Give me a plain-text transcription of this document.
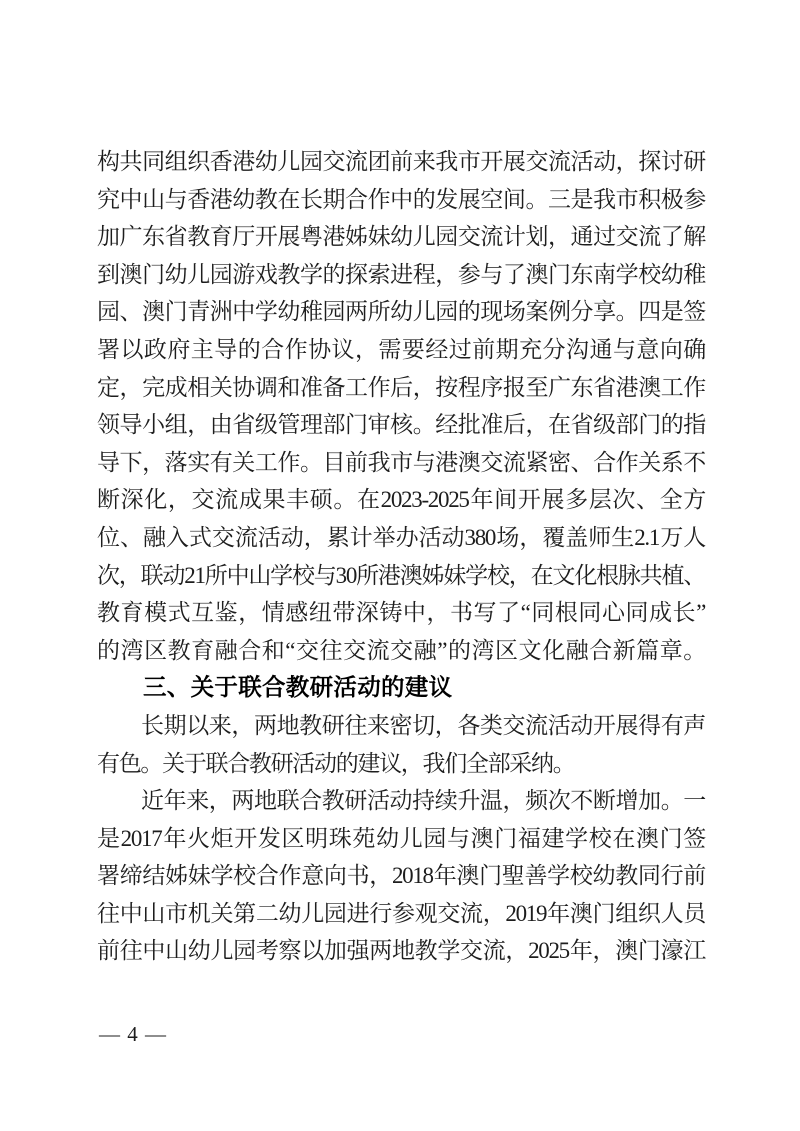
构共同组织香港幼儿园交流团前来我市开展交流活动，探讨研
究中山与香港幼教在长期合作中的发展空间。三是我市积极参
加广东省教育厅开展粤港姊妹幼儿园交流计划，通过交流了解
到澳门幼儿园游戏教学的探索进程，参与了澳门东南学校幼稚
园、澳门青洲中学幼稚园两所幼儿园的现场案例分享。四是签
署以政府主导的合作协议，需要经过前期充分沟通与意向确
定，完成相关协调和准备工作后，按程序报至广东省港澳工作
领导小组，由省级管理部门审核。经批准后，在省级部门的指
导下，落实有关工作。目前我市与港澳交流紧密、合作关系不
断深化，交流成果丰硕。在2023-2025年间开展多层次、全方
位、融入式交流活动，累计举办活动380场，覆盖师生2.1万人
次，联动21所中山学校与30所港澳姊妹学校，在文化根脉共植、
教育模式互鉴，情感纽带深铸中，书写了“同根同心同成长”
的湾区教育融合和“交往交流交融”的湾区文化融合新篇章。
三、关于联合教研活动的建议
长期以来，两地教研往来密切，各类交流活动开展得有声
有色。关于联合教研活动的建议，我们全部采纳。
近年来，两地联合教研活动持续升温，频次不断增加。一
是2017年火炬开发区明珠苑幼儿园与澳门福建学校在澳门签
署缔结姊妹学校合作意向书，2018年澳门聖善学校幼教同行前
往中山市机关第二幼儿园进行参观交流，2019年澳门组织人员
前往中山幼儿园考察以加强两地教学交流，2025年，澳门濠江
— 4 —
